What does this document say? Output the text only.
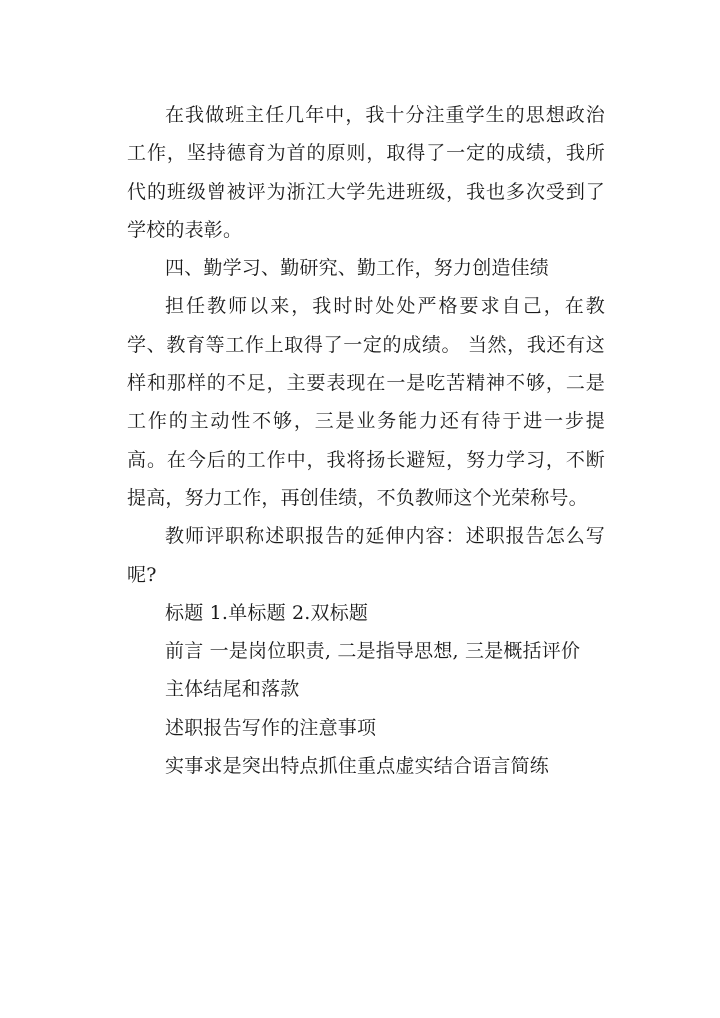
在我做班主任几年中，我十分注重学生的思想政治工作，坚持德育为首的原则，取得了一定的成绩，我所代的班级曾被评为浙江大学先进班级，我也多次受到了学校的表彰。

四、勤学习、勤研究、勤工作，努力创造佳绩

担任教师以来，我时时处处严格要求自己，在教学、教育等工作上取得了一定的成绩。 当然，我还有这样和那样的不足，主要表现在一是吃苦精神不够，二是工作的主动性不够，三是业务能力还有待于进一步提高。在今后的工作中，我将扬长避短，努力学习，不断提高，努力工作，再创佳绩，不负教师这个光荣称号。

教师评职称述职报告的延伸内容：述职报告怎么写呢?

标题 1.单标题 2.双标题

前言 一是岗位职责, 二是指导思想, 三是概括评价

主体结尾和落款

述职报告写作的注意事项

实事求是突出特点抓住重点虚实结合语言简练
